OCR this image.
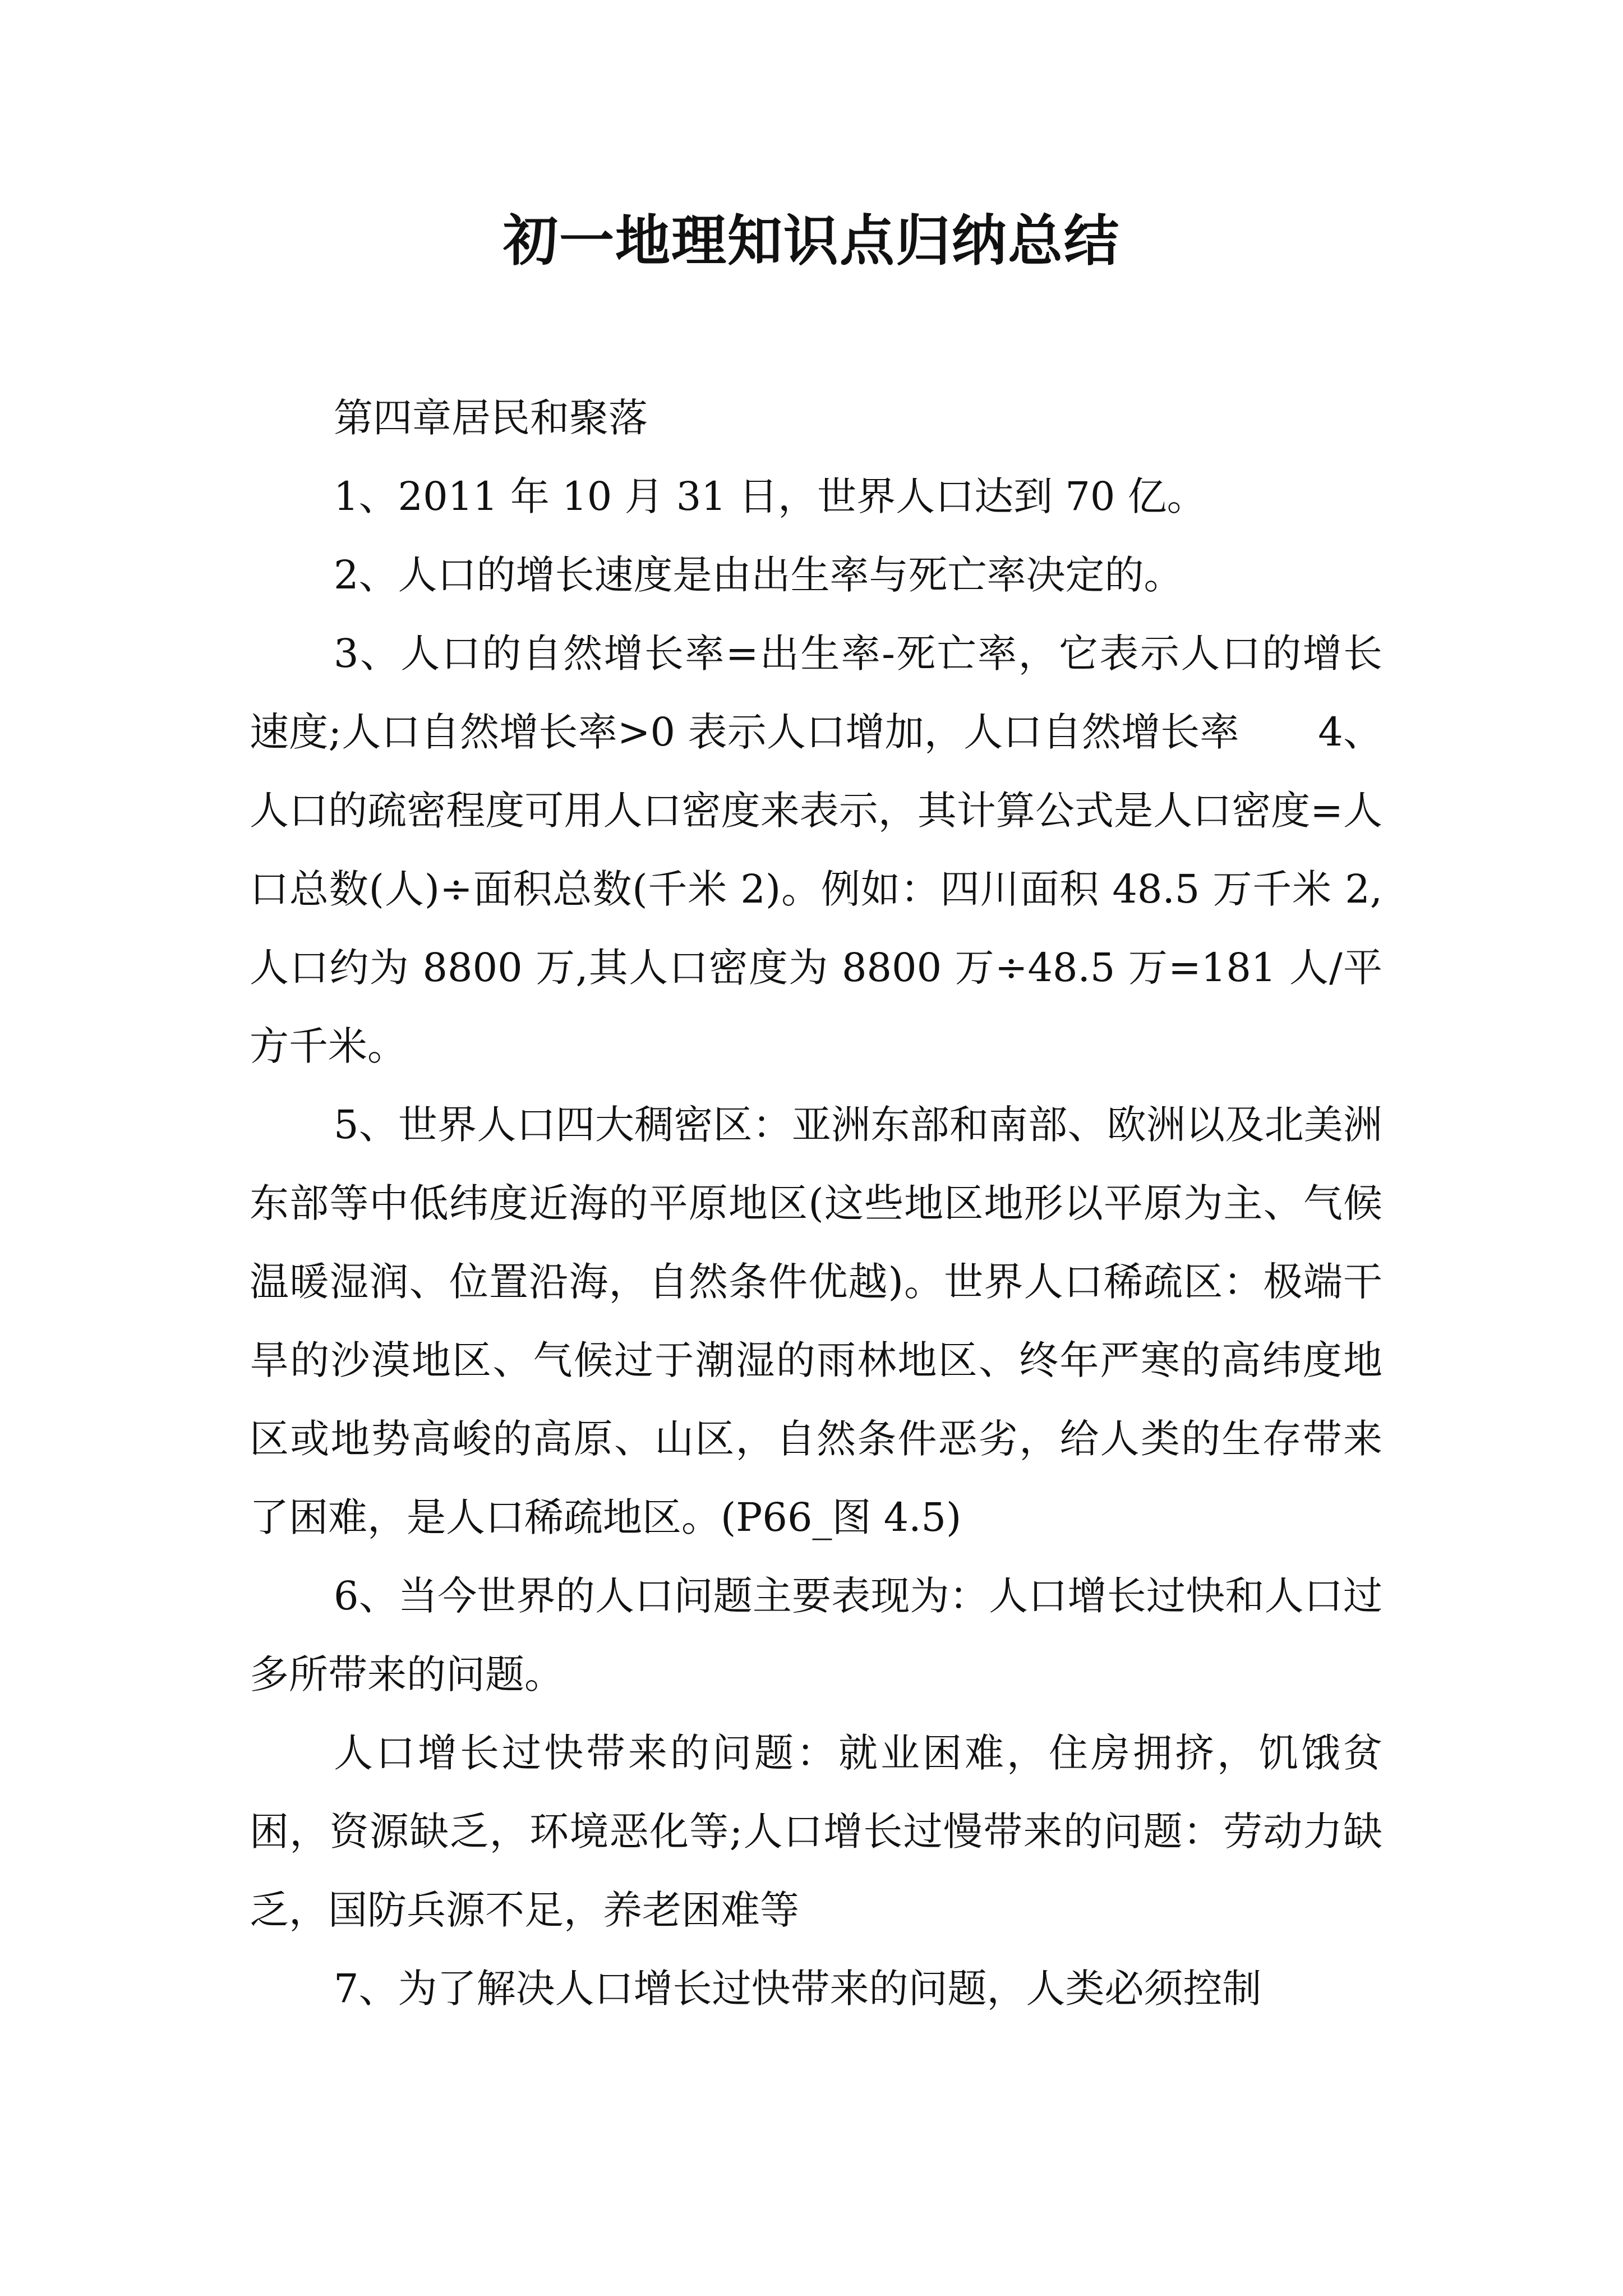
初一地理知识点归纳总结

第四章居民和聚落

1、2011 年 10 月 31 日，世界人口达到 70 亿。

2、人口的增长速度是由出生率与死亡率决定的。

3、人口的自然增长率=出生率-死亡率，它表示人口的增长速度;人口自然增长率>0 表示人口增加，人口自然增长率　　4、人口的疏密程度可用人口密度来表示，其计算公式是人口密度=人口总数(人)÷面积总数(千米 2)。例如：四川面积 48.5 万千米 2,人口约为 8800 万,其人口密度为 8800 万÷48.5 万=181 人/平方千米。

5、世界人口四大稠密区：亚洲东部和南部、欧洲以及北美洲东部等中低纬度近海的平原地区(这些地区地形以平原为主、气候温暖湿润、位置沿海，自然条件优越)。世界人口稀疏区：极端干旱的沙漠地区、气候过于潮湿的雨林地区、终年严寒的高纬度地区或地势高峻的高原、山区，自然条件恶劣，给人类的生存带来了困难，是人口稀疏地区。(P66_图 4.5)

6、当今世界的人口问题主要表现为：人口增长过快和人口过多所带来的问题。

人口增长过快带来的问题：就业困难，住房拥挤，饥饿贫困，资源缺乏，环境恶化等;人口增长过慢带来的问题：劳动力缺乏，国防兵源不足，养老困难等

7、为了解决人口增长过快带来的问题，人类必须控制
